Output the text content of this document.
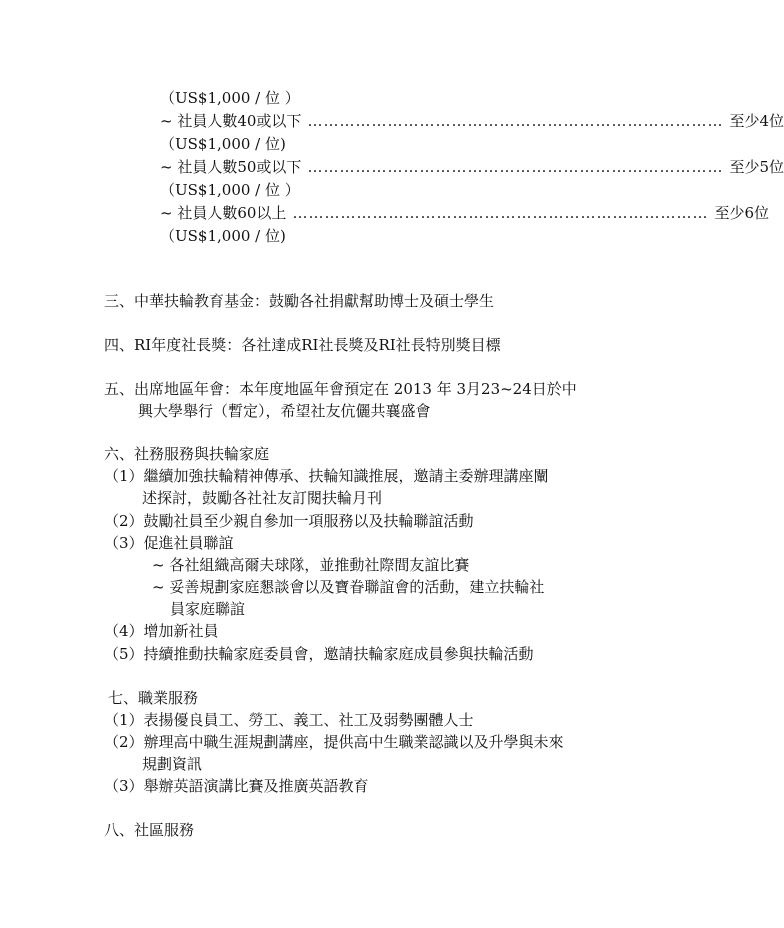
（US$1,000 / 位 ）
~ 社員人數40或以下 …………………………………………………………………… 至少4位
（US$1,000 / 位)
~ 社員人數50或以下 …………………………………………………………………… 至少5位
（US$1,000 / 位 ）
~ 社員人數60以上 …………………………………………………………………… 至少6位
（US$1,000 / 位)
三、中華扶輪教育基金：鼓勵各社捐獻幫助博士及碩士學生
四、RI年度社長獎：各社達成RI社長獎及RI社長特別獎目標
五、出席地區年會：本年度地區年會預定在 2013 年 3月23~24日於中
興大學舉行（暫定），希望社友伉儷共襄盛會
六、社務服務與扶輪家庭
（1）繼續加強扶輪精神傳承、扶輪知識推展，邀請主委辦理講座闡
述探討，鼓勵各社社友訂閱扶輪月刊
（2）鼓勵社員至少親自參加一項服務以及扶輪聯誼活動
（3）促進社員聯誼
~ 各社組織高爾夫球隊，並推動社際間友誼比賽
~ 妥善規劃家庭懇談會以及寶眷聯誼會的活動，建立扶輪社
員家庭聯誼
（4）增加新社員
（5）持續推動扶輪家庭委員會，邀請扶輪家庭成員參與扶輪活動
七、職業服務
（1）表揚優良員工、勞工、義工、社工及弱勢團體人士
（2）辦理高中職生涯規劃講座，提供高中生職業認識以及升學與未來
規劃資訊
（3）舉辦英語演講比賽及推廣英語教育
八、社區服務
